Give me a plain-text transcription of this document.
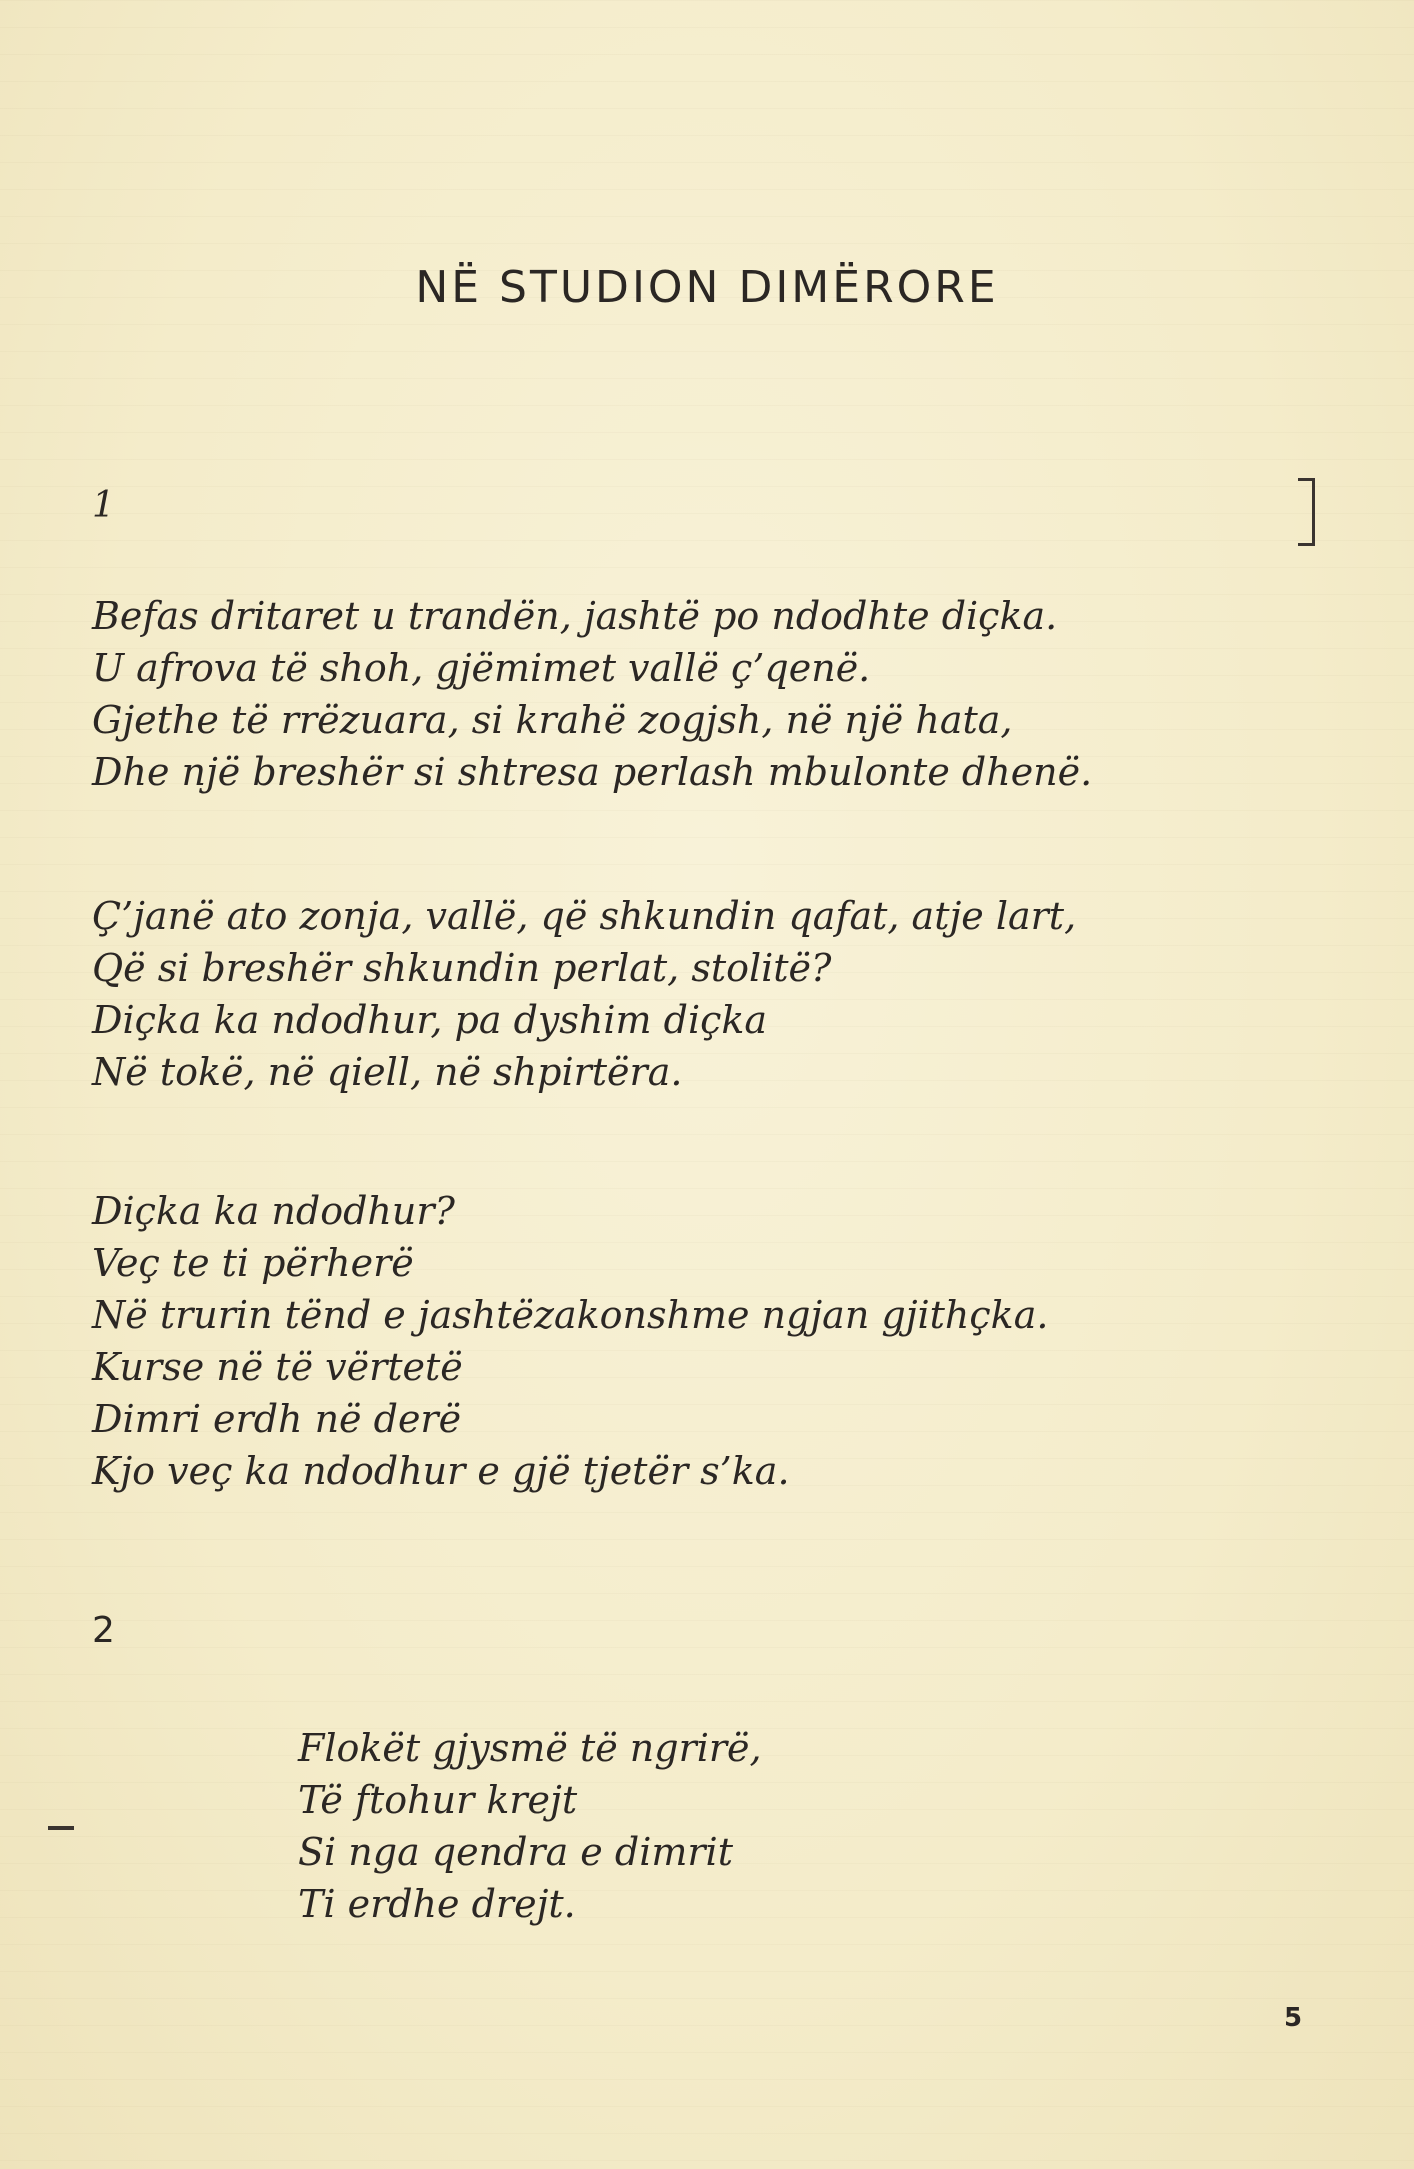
NË STUDION DIMËRORE
1
Befas dritaret u trandën, jashtë po ndodhte diçka.
U afrova të shoh, gjëmimet vallë ç’qenë.
Gjethe të rrëzuara, si krahë zogjsh, në një hata,
Dhe një breshër si shtresa perlash mbulonte dhenë.
Ç’janë ato zonja, vallë, që shkundin qafat, atje lart,
Që si breshër shkundin perlat, stolitë?
Diçka ka ndodhur, pa dyshim diçka
Në tokë, në qiell, në shpirtëra.
Diçka ka ndodhur?
Veç te ti përherë
Në trurin tënd e jashtëzakonshme ngjan gjithçka.
Kurse në të vërtetë
Dimri erdh në derë
Kjo veç ka ndodhur e gjë tjetër s’ka.
2
Flokët gjysmë të ngrirë,
Të ftohur krejt
Si nga qendra e dimrit
Ti erdhe drejt.
5
